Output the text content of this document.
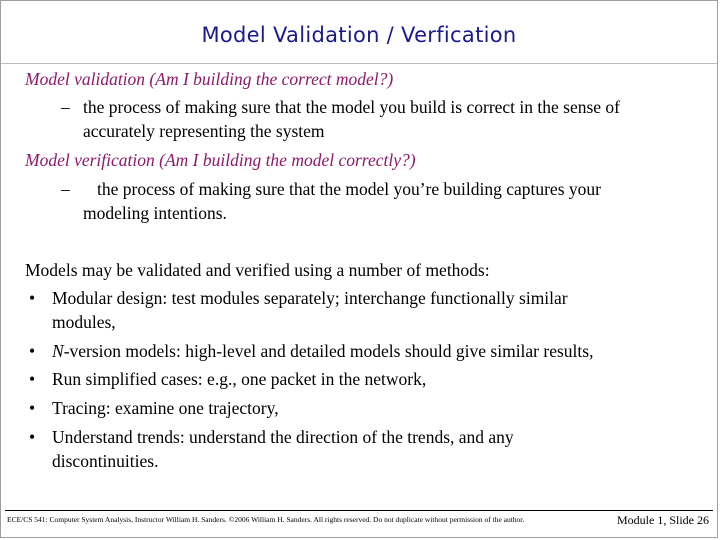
Model Validation / Verfication
Model validation (Am I building the correct model?)
– the process of making sure that the model you build is correct in the sense of
accurately representing the system
Model verification (Am I building the model correctly?)
– the process of making sure that the model you’re building captures your
modeling intentions.
Models may be validated and verified using a number of methods:
• Modular design: test modules separately; interchange functionally similar
modules,
• N-version models: high-level and detailed models should give similar results,
• Run simplified cases: e.g., one packet in the network,
• Tracing: examine one trajectory,
• Understand trends: understand the direction of the trends, and any
discontinuities.
ECE/CS 541: Computer System Analysis, Instructor William H. Sanders. ©2006 William H. Sanders. All rights reserved. Do not duplicate without permission of the author.	Module 1, Slide 26
